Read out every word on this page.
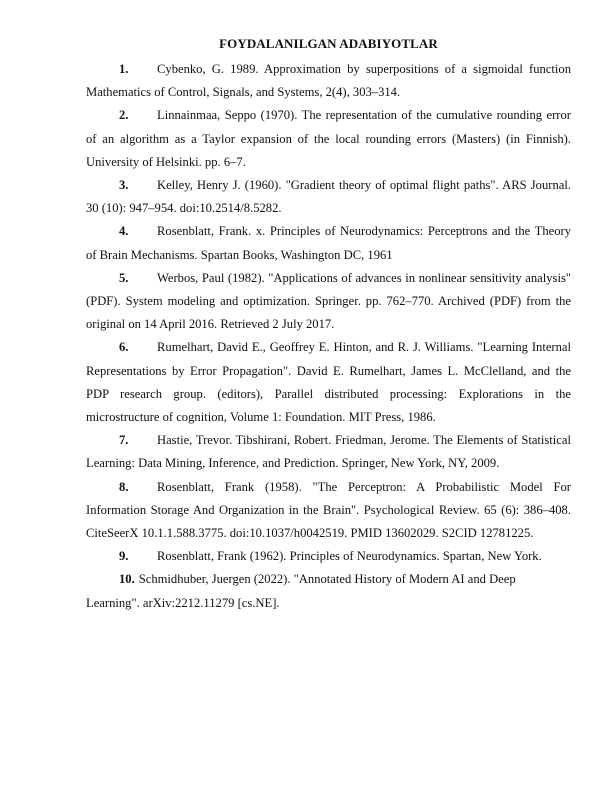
FOYDALANILGAN ADABIYOTLAR

1. Cybenko, G. 1989. Approximation by superpositions of a sigmoidal function Mathematics of Control, Signals, and Systems, 2(4), 303–314.

2. Linnainmaa, Seppo (1970). The representation of the cumulative rounding error of an algorithm as a Taylor expansion of the local rounding errors (Masters) (in Finnish). University of Helsinki. pp. 6–7.

3. Kelley, Henry J. (1960). "Gradient theory of optimal flight paths". ARS Journal. 30 (10): 947–954. doi:10.2514/8.5282.

4. Rosenblatt, Frank. x. Principles of Neurodynamics: Perceptrons and the Theory of Brain Mechanisms. Spartan Books, Washington DC, 1961

5. Werbos, Paul (1982). "Applications of advances in nonlinear sensitivity analysis" (PDF). System modeling and optimization. Springer. pp. 762–770. Archived (PDF) from the original on 14 April 2016. Retrieved 2 July 2017.

6. Rumelhart, David E., Geoffrey E. Hinton, and R. J. Williams. "Learning Internal Representations by Error Propagation". David E. Rumelhart, James L. McClelland, and the PDP research group. (editors), Parallel distributed processing: Explorations in the microstructure of cognition, Volume 1: Foundation. MIT Press, 1986.

7. Hastie, Trevor. Tibshirani, Robert. Friedman, Jerome. The Elements of Statistical Learning: Data Mining, Inference, and Prediction. Springer, New York, NY, 2009.

8. Rosenblatt, Frank (1958). "The Perceptron: A Probabilistic Model For Information Storage And Organization in the Brain". Psychological Review. 65 (6): 386–408. CiteSeerX 10.1.1.588.3775. doi:10.1037/h0042519. PMID 13602029. S2CID 12781225.

9. Rosenblatt, Frank (1962). Principles of Neurodynamics. Spartan, New York.

10. Schmidhuber, Juergen (2022). "Annotated History of Modern AI and Deep Learning". arXiv:2212.11279 [cs.NE].
